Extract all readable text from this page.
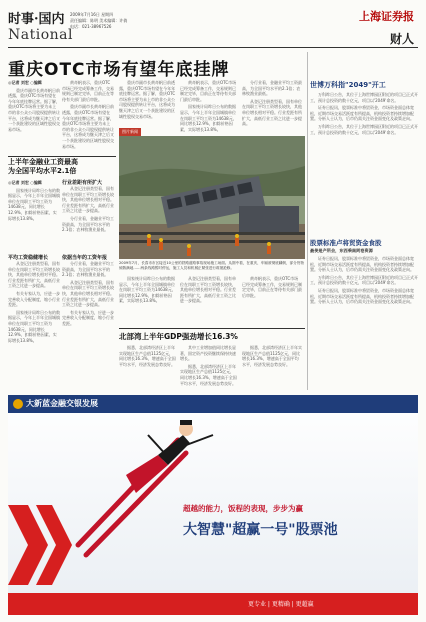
时事·国内
National
2009年7月16日 星期四
责任编辑：陈明 美术编辑：许倩
电话：021-38967526
上海证券报
财人
重庆OTC市场有望年底挂牌
◎记者 刘宏 ○编辑

重庆市副市长黄奇帆日前透露，重庆OTC市场有望在今年年底挂牌运营。据了解，重庆OTC市场将主要为未上市的非公众公司股权提供转让平台，这将成为继天津之后又一个获批建设的区域性股权交易市场。

黄奇帆表示，重庆OTC市场已经完成筹备工作，交易规则已制定完毕，目前正在等待有关部门最后审批。

重庆市副市长黄奇帆日前透露，重庆OTC市场有望在今年年底挂牌运营。据了解，重庆OTC市场将主要为未上市的非公众公司股权提供转让平台，这将成为继天津之后又一个获批建设的区域性股权交易市场。

重庆市副市长黄奇帆日前透露，重庆OTC市场有望在今年年底挂牌运营。据了解，重庆OTC市场将主要为未上市的非公众公司股权提供转让平台，这将成为继天津之后又一个获批建设的区域性股权交易市场。

黄奇帆表示，重庆OTC市场已经完成筹备工作，交易规则已制定完毕，目前正在等待有关部门最后审批。

国家统计局昨日公布的数据显示，今年上半年全国城镇单位在岗职工平均工资为14638元，同比增长12.9%，扣除价格因素，实际增长13.8%。

分行业看，金融业平均工资最高，为全国平均水平的2.1倍；农林牧渔业最低。

从登记注册类型看，国有单位在岗职工平均工资增长较快，其他单位增长相对平稳。行业差距有所扩大，高低行业工资之比进一步提高。

上半年金融业工资最高
为全国平均水平2.1倍
◎记者 刘宏 ○编辑

国家统计局昨日公布的数据显示，今年上半年全国城镇单位在岗职工平均工资为14638元，同比增长12.9%，扣除价格因素，实际增长13.8%。

行业差距有所扩大

从登记注册类型看，国有单位在岗职工平均工资增长较快，其他单位增长相对平稳。行业差距有所扩大，高低行业工资之比进一步提高。

分行业看，金融业平均工资最高，为全国平均水平的2.1倍；农林牧渔业最低。

平均工资稳健增长

从登记注册类型看，国有单位在岗职工平均工资增长较快，其他单位增长相对平稳。行业差距有所扩大，高低行业工资之比进一步提高。

有关专家认为，应进一步完善收入分配制度，缩小行业差距。

国家统计局昨日公布的数据显示，今年上半年全国城镇单位在岗职工平均工资为14638元，同比增长12.9%，扣除价格因素，实际增长13.8%。

依据当年的工资年报

分行业看，金融业平均工资最高，为全国平均水平的2.1倍；农林牧渔业最低。

从登记注册类型看，国有单位在岗职工平均工资增长较快，其他单位增长相对平稳。行业差距有所扩大，高低行业工资之比进一步提高。

有关专家认为，应进一步完善收入分配制度，缩小行业差距。

图片新闻
2009年7月，长春市市区接近10公里的铁路道路事故现场施工场面。从图中看，在重庆，车厢被彻底翻倒，部分货物倾散满地……两条线路暂时停运，施工人员和机械正紧张进行救援抢修。

国家统计局昨日公布的数据显示，今年上半年全国城镇单位在岗职工平均工资为14638元，同比增长12.9%，扣除价格因素，实际增长13.8%。

从登记注册类型看，国有单位在岗职工平均工资增长较快，其他单位增长相对平稳。行业差距有所扩大，高低行业工资之比进一步提高。

黄奇帆表示，重庆OTC市场已经完成筹备工作，交易规则已制定完毕，目前正在等待有关部门最后审批。

北部湾上半年GDP强劲增长16.3%

据悉，北部湾经济区上半年实现地区生产总值1125亿元，同比增长16.3%，增速高于全国平均水平，经济发展态势良好。

其中工业增加值同比增长显著，固定资产投资继续保持快速增长。

据悉，北部湾经济区上半年实现地区生产总值1125亿元，同比增长16.3%，增速高于全国平均水平，经济发展态势良好。

据悉，北部湾经济区上半年实现地区生产总值1125亿元，同比增长16.3%，增速高于全国平均水平，经济发展态势良好。

世博万科指"2049"开工

万科昨日公告，其位于上海世博园区附近的项目已正式开工，预计总投资约数十亿元，项目以'2049'命名。

证券日报讯，股票标准中将贸资金，市场资金面总体宽松，近期市场交易活跃度有所提高，机构投资者持续增加配置。分析人士认为，后市仍需关注资金面变化及政策走向。

万科昨日公告，其位于上海世博园区附近的项目已正式开工，预计总投资约数十亿元，项目以'2049'命名。

股票标准卢将贸资金食股
最使是产所会，东西乘南阿卷资源

证券日报讯，股票标准中将贸资金，市场资金面总体宽松，近期市场交易活跃度有所提高，机构投资者持续增加配置。分析人士认为，后市仍需关注资金面变化及政策走向。

万科昨日公告，其位于上海世博园区附近的项目已正式开工，预计总投资约数十亿元，项目以'2049'命名。

证券日报讯，股票标准中将贸资金，市场资金面总体宽松，近期市场交易活跃度有所提高，机构投资者持续增加配置。分析人士认为，后市仍需关注资金面变化及政策走向。

大新蓝金融交银发展
超越的能力，饭程的表现，步步为赢
大智慧"超赢一号"股票池
更专业 | 更精确 | 更超赢
